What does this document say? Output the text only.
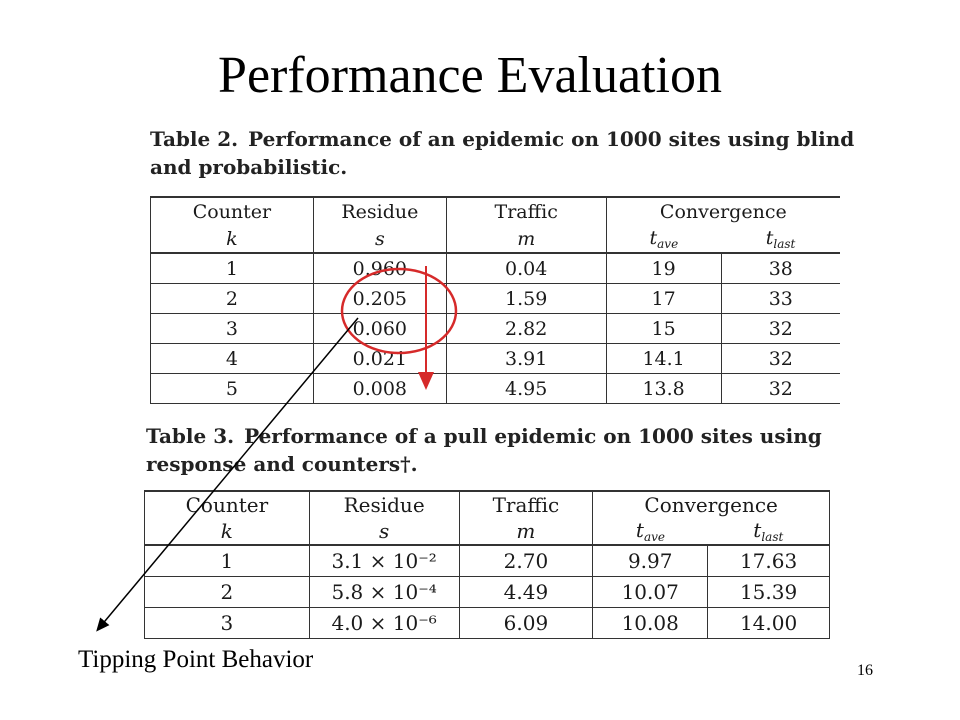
Performance Evaluation
Table 2. Performance of an epidemic on 1000 sites using blind and probabilistic.
Counter	Residue	Traffic	Convergence	
k	s	m	$t_{ave}$	$t_{last}$
1	0.960	0.04	19	38
2	0.205	1.59	17	33
3	0.060	2.82	15	32
4	0.021	3.91	14.1	32
5	0.008	4.95	13.8	32
Table 3. Performance of a pull epidemic on 1000 sites using response and counters†.
Counter	Residue	Traffic	Convergence	
k	s	m	$t_{ave}$	$t_{last}$
1	3.1 × 10⁻²	2.70	9.97	17.63
2	5.8 × 10⁻⁴	4.49	10.07	15.39
3	4.0 × 10⁻⁶	6.09	10.08	14.00
Tipping Point Behavior	16
